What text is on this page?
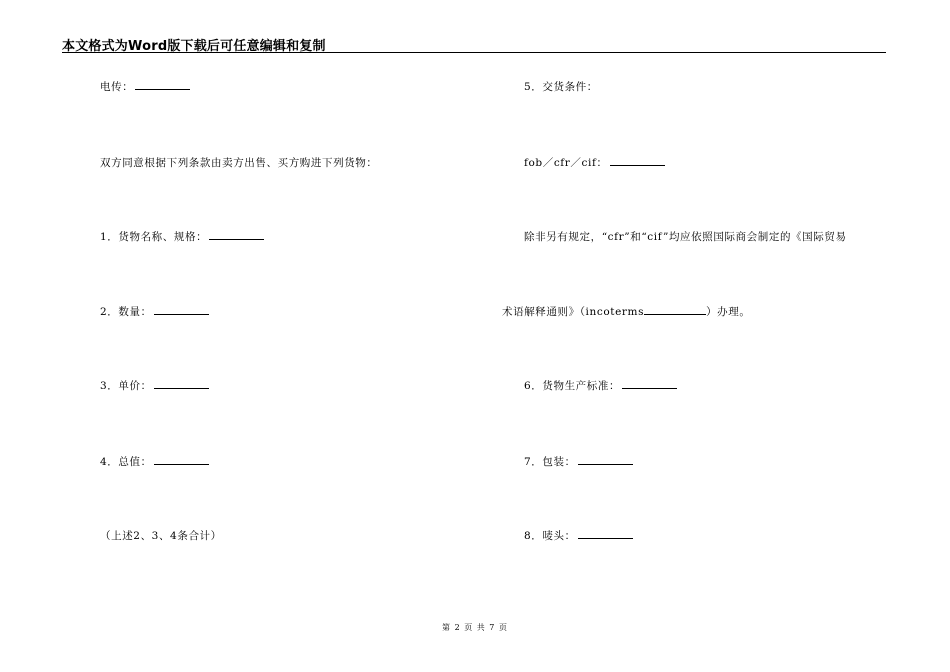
本文格式为Word版下载后可任意编辑和复制
电传：
双方同意根据下列条款由卖方出售、买方购进下列货物：
1．货物名称、规格：
2．数量：
3．单价：
4．总值：
（上述2、3、4条合计）
5．交货条件：
fob／cfr／cif：
除非另有规定，“cfr”和“cif”均应依照国际商会制定的《国际贸易
术语解释通则》（incoterms	）办理。
6．货物生产标准：
7．包装：
8．唛头：
第 2 页 共 7 页
